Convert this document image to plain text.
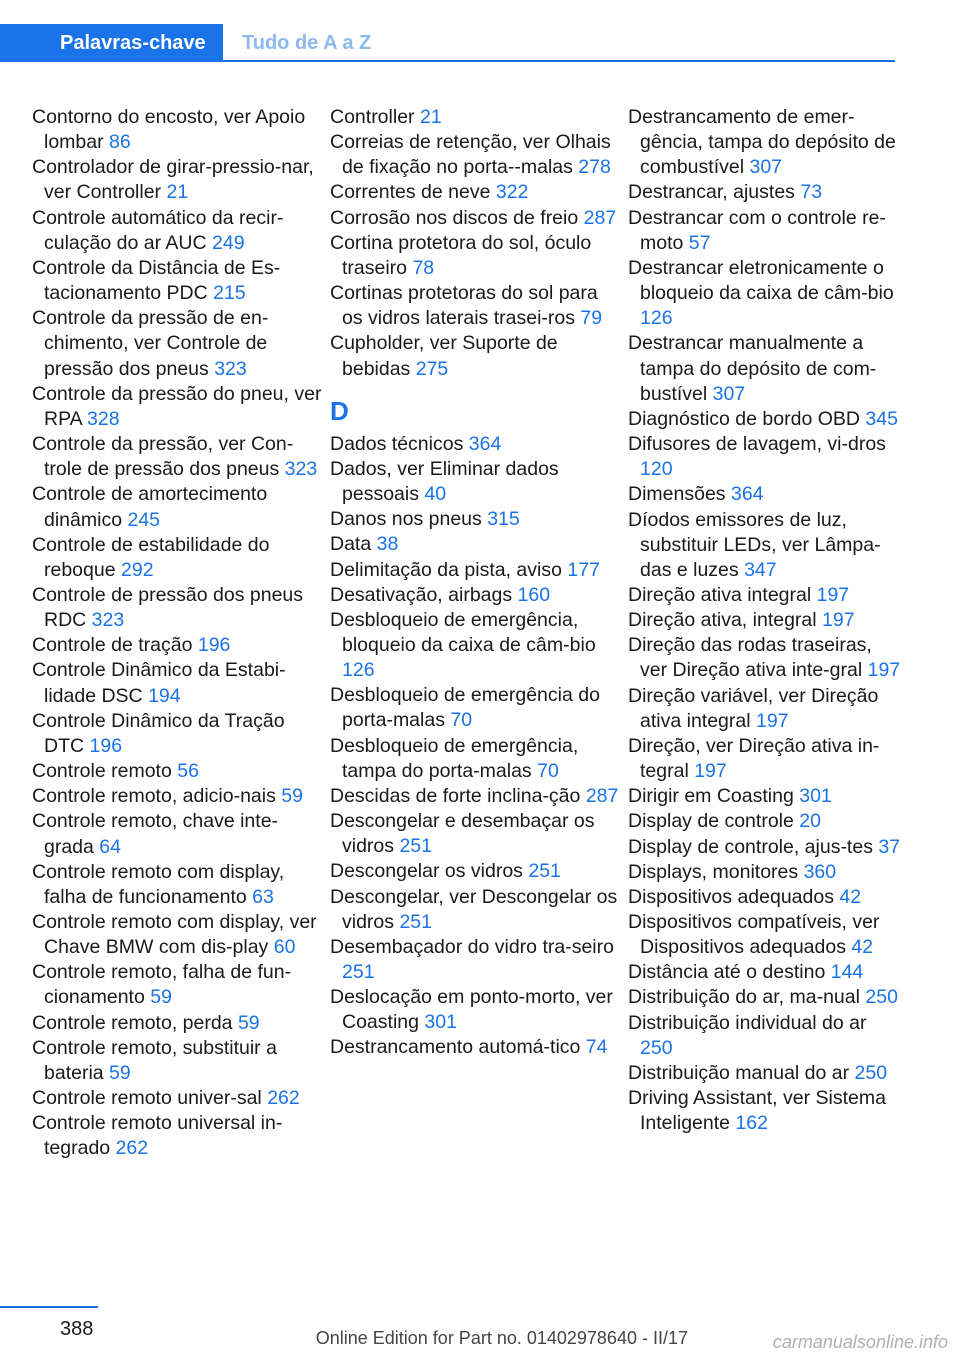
Palavras-chave	Tudo de A a Z
Contorno do encosto, ver Apoio lombar 86
Controlador de girar-pressio-nar, ver Controller 21
Controle automático da recir-culação do ar AUC 249
Controle da Distância de Es-tacionamento PDC 215
Controle da pressão de en-chimento, ver Controle de pressão dos pneus 323
Controle da pressão do pneu, ver RPA 328
Controle da pressão, ver Con-trole de pressão dos pneus 323
Controle de amortecimento dinâmico 245
Controle de estabilidade do reboque 292
Controle de pressão dos pneus RDC 323
Controle de tração 196
Controle Dinâmico da Estabi-lidade DSC 194
Controle Dinâmico da Tração DTC 196
Controle remoto 56
Controle remoto, adicio-nais 59
Controle remoto, chave inte-grada 64
Controle remoto com display, falha de funcionamento 63
Controle remoto com display, ver Chave BMW com dis-play 60
Controle remoto, falha de fun-cionamento 59
Controle remoto, perda 59
Controle remoto, substituir a bateria 59
Controle remoto univer-sal 262
Controle remoto universal in-tegrado 262
Controller 21
Correias de retenção, ver Olhais de fixação no porta--malas 278
Correntes de neve 322
Corrosão nos discos de freio 287
Cortina protetora do sol, óculo traseiro 78
Cortinas protetoras do sol para os vidros laterais trasei-ros 79
Cupholder, ver Suporte de bebidas 275
D
Dados técnicos 364
Dados, ver Eliminar dados pessoais 40
Danos nos pneus 315
Data 38
Delimitação da pista, aviso 177
Desativação, airbags 160
Desbloqueio de emergência, bloqueio da caixa de câm-bio 126
Desbloqueio de emergência do porta-malas 70
Desbloqueio de emergência, tampa do porta-malas 70
Descidas de forte inclina-ção 287
Descongelar e desembaçar os vidros 251
Descongelar os vidros 251
Descongelar, ver Descongelar os vidros 251
Desembaçador do vidro tra-seiro 251
Deslocação em ponto-morto, ver Coasting 301
Destrancamento automá-tico 74
Destrancamento de emer-gência, tampa do depósito de combustível 307
Destrancar, ajustes 73
Destrancar com o controle re-moto 57
Destrancar eletronicamente o bloqueio da caixa de câm-bio 126
Destrancar manualmente a tampa do depósito de com-bustível 307
Diagnóstico de bordo OBD 345
Difusores de lavagem, vi-dros 120
Dimensões 364
Díodos emissores de luz, substituir LEDs, ver Lâmpa-das e luzes 347
Direção ativa integral 197
Direção ativa, integral 197
Direção das rodas traseiras, ver Direção ativa inte-gral 197
Direção variável, ver Direção ativa integral 197
Direção, ver Direção ativa in-tegral 197
Dirigir em Coasting 301
Display de controle 20
Display de controle, ajus-tes 37
Displays, monitores 360
Dispositivos adequados 42
Dispositivos compatíveis, ver Dispositivos adequados 42
Distância até o destino 144
Distribuição do ar, ma-nual 250
Distribuição individual do ar 250
Distribuição manual do ar 250
Driving Assistant, ver Sistema Inteligente 162
388	Online Edition for Part no. 01402978640 - II/17	carmanualsonline.info
